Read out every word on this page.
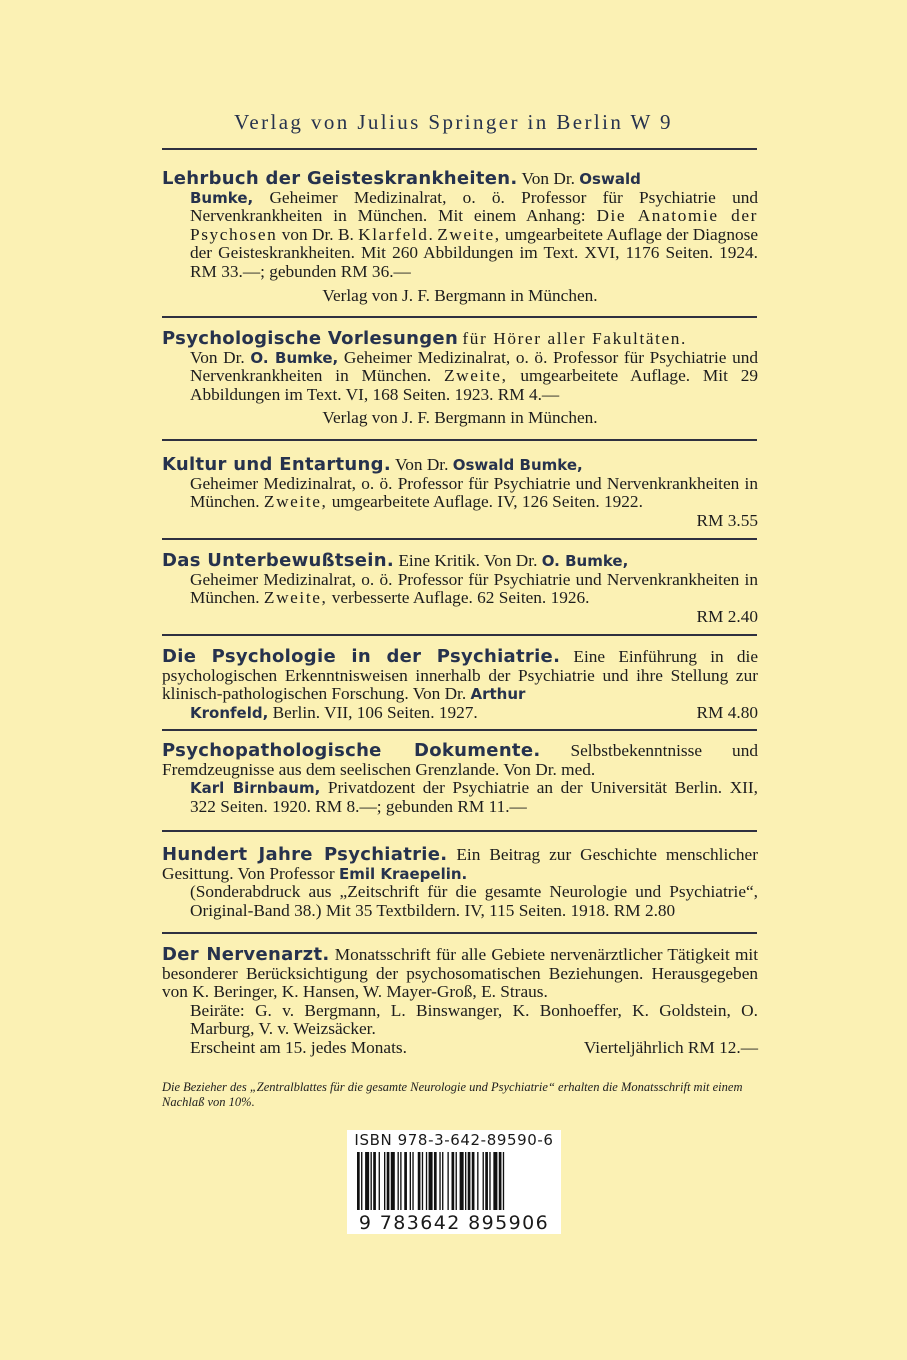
Verlag von Julius Springer in Berlin W 9
Lehrbuch der Geisteskrankheiten. Von Dr. Oswald
Bumke, Geheimer Medizinalrat, o. ö. Professor für Psychiatrie und Nervenkrankheiten in München. Mit einem Anhang: Die Anatomie der Psychosen von Dr. B. Klarfeld. Zweite, umgearbeitete Auflage der Diagnose der Geisteskrankheiten. Mit 260 Abbildungen im Text. XVI, 1176 Seiten. 1924. RM 33.—; gebunden RM 36.—
Verlag von J. F. Bergmann in München.
Psychologische Vorlesungen für Hörer aller Fakultäten.
Von Dr. O. Bumke, Geheimer Medizinalrat, o. ö. Professor für Psychiatrie und Nervenkrankheiten in München. Zweite, umgearbeitete Auflage. Mit 29 Abbildungen im Text. VI, 168 Seiten. 1923. RM 4.—
Verlag von J. F. Bergmann in München.
Kultur und Entartung. Von Dr. Oswald Bumke,
Geheimer Medizinalrat, o. ö. Professor für Psychiatrie und Nervenkrankheiten in München. Zweite, umgearbeitete Auflage. IV, 126 Seiten. 1922.
RM 3.55
Das Unterbewußtsein. Eine Kritik. Von Dr. O. Bumke,
Geheimer Medizinalrat, o. ö. Professor für Psychiatrie und Nervenkrankheiten in München. Zweite, verbesserte Auflage. 62 Seiten. 1926.
RM 2.40
Die Psychologie in der Psychiatrie. Eine Einführung in die psychologischen Erkenntnisweisen innerhalb der Psychiatrie und ihre Stellung zur klinisch-pathologischen Forschung. Von Dr. Arthur
Kronfeld, Berlin. VII, 106 Seiten. 1927.	RM 4.80
Psychopathologische Dokumente. Selbstbekenntnisse und Fremdzeugnisse aus dem seelischen Grenzlande. Von Dr. med.
Karl Birnbaum, Privatdozent der Psychiatrie an der Universität Berlin. XII, 322 Seiten. 1920. RM 8.—; gebunden RM 11.—
Hundert Jahre Psychiatrie. Ein Beitrag zur Geschichte menschlicher Gesittung. Von Professor Emil Kraepelin.
(Sonderabdruck aus „Zeitschrift für die gesamte Neurologie und Psychiatrie“, Original-Band 38.) Mit 35 Textbildern. IV, 115 Seiten. 1918. RM 2.80
Der Nervenarzt. Monatsschrift für alle Gebiete nervenärztlicher Tätigkeit mit besonderer Berücksichtigung der psychosomatischen Beziehungen. Herausgegeben von K. Beringer, K. Hansen, W. Mayer-Groß, E. Straus.
Beiräte: G. v. Bergmann, L. Binswanger, K. Bonhoeffer, K. Goldstein, O. Marburg, V. v. Weizsäcker.
Erscheint am 15. jedes Monats.	Vierteljährlich RM 12.—
Die Bezieher des „Zentralblattes für die gesamte Neurologie und Psychiatrie“ erhalten die Monatsschrift mit einem Nachlaß von 10%.
ISBN 978-3-642-89590-6
9 783642 895906
